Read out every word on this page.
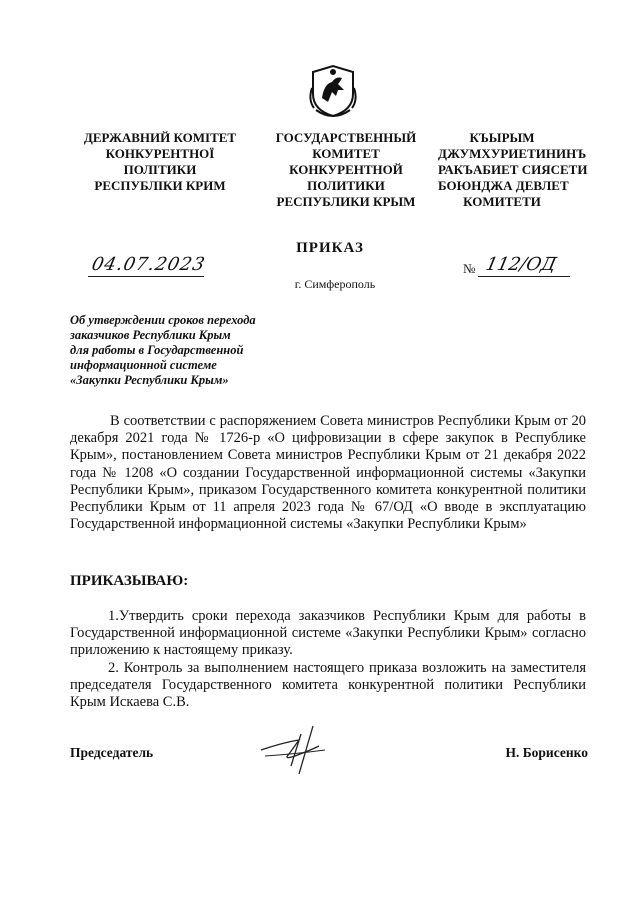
ДЕРЖАВНИЙ КОМІТЕТ
КОНКУРЕНТНОЇ
ПОЛІТИКИ
РЕСПУБЛІКИ КРИМ
ГОСУДАРСТВЕННЫЙ
КОМИТЕТ
КОНКУРЕНТНОЙ
ПОЛИТИКИ
РЕСПУБЛИКИ КРЫМ
КЪЫРЫМ
ДЖУМХУРИЕТИНИНЪ
РАКЪАБИЕТ СИЯСЕТИ
БОЮНДЖА ДЕВЛЕТ
КОМИТЕТИ
ПРИКАЗ
04.07.2023	№ 112/ОД
г. Симферополь
Об утверждении сроков перехода
заказчиков Республики Крым
для работы в Государственной
информационной системе
«Закупки Республики Крым»
В соответствии с распоряжением Совета министров Республики Крым от 20 декабря 2021 года № 1726-р «О цифровизации в сфере закупок в Республике Крым», постановлением Совета министров Республики Крым от 21 декабря 2022 года № 1208 «О создании Государственной информационной системы «Закупки Республики Крым», приказом Государственного комитета конкурентной политики Республики Крым от 11 апреля 2023 года № 67/ОД «О вводе в эксплуатацию Государственной информационной системы «Закупки Республики Крым»
ПРИКАЗЫВАЮ:
1.Утвердить сроки перехода заказчиков Республики Крым для работы в Государственной информационной системе «Закупки Республики Крым» согласно приложению к настоящему приказу.
2. Контроль за выполнением настоящего приказа возложить на заместителя председателя Государственного комитета конкурентной политики Республики Крым Искаева С.В.
Председатель	Н. Борисенко
